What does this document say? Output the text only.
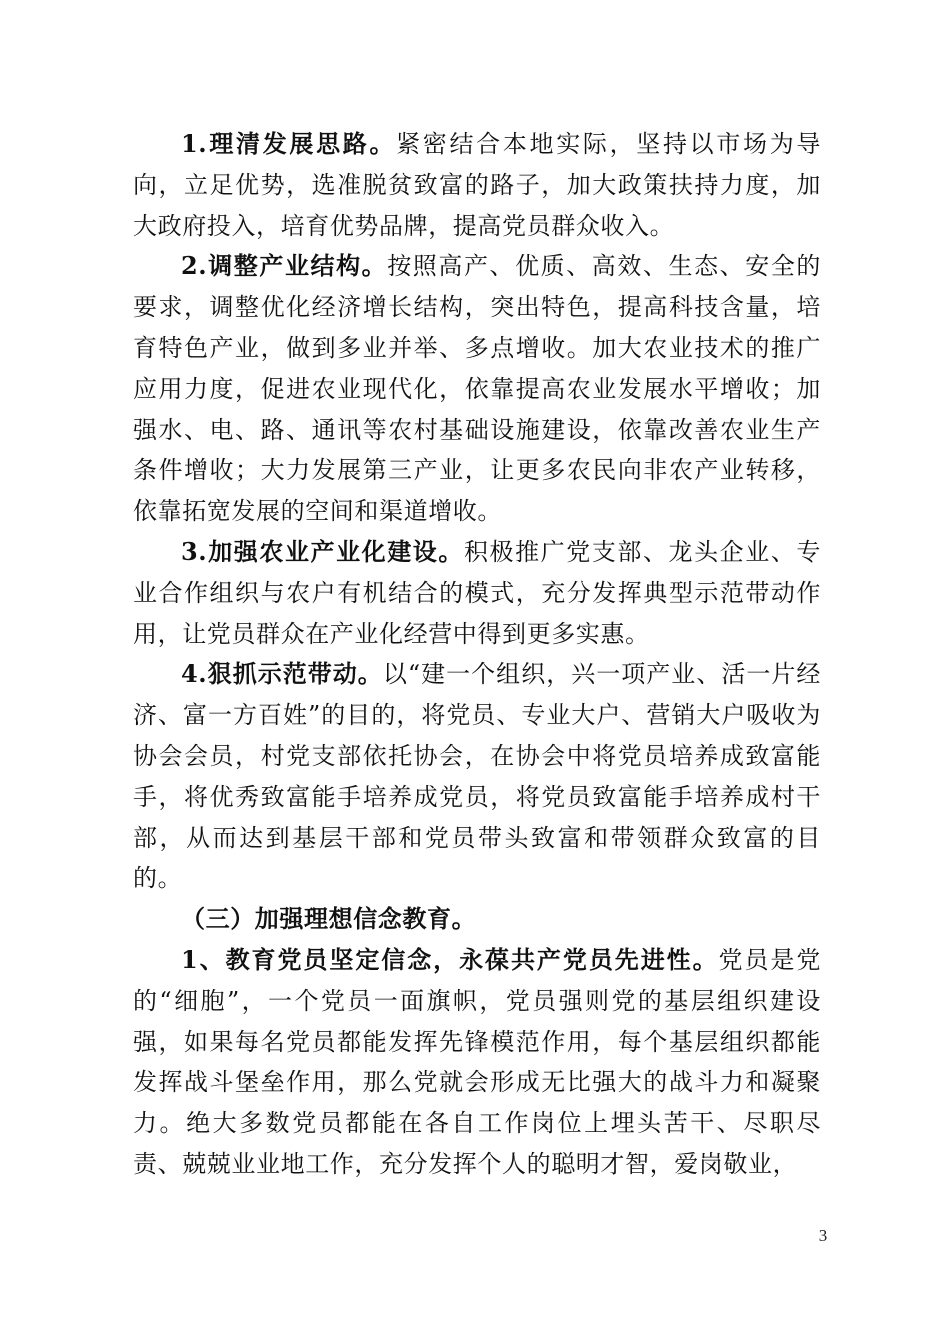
1.理清发展思路。紧密结合本地实际，坚持以市场为导向，立足优势，选准脱贫致富的路子，加大政策扶持力度，加大政府投入，培育优势品牌，提高党员群众收入。

2.调整产业结构。按照高产、优质、高效、生态、安全的要求，调整优化经济增长结构，突出特色，提高科技含量，培育特色产业，做到多业并举、多点增收。加大农业技术的推广应用力度，促进农业现代化，依靠提高农业发展水平增收；加强水、电、路、通讯等农村基础设施建设，依靠改善农业生产条件增收；大力发展第三产业，让更多农民向非农产业转移，依靠拓宽发展的空间和渠道增收。

3.加强农业产业化建设。积极推广党支部、龙头企业、专业合作组织与农户有机结合的模式，充分发挥典型示范带动作用，让党员群众在产业化经营中得到更多实惠。

4.狠抓示范带动。以“建一个组织，兴一项产业、活一片经济、富一方百姓”的目的，将党员、专业大户、营销大户吸收为协会会员，村党支部依托协会，在协会中将党员培养成致富能手，将优秀致富能手培养成党员，将党员致富能手培养成村干部，从而达到基层干部和党员带头致富和带领群众致富的目的。

（三）加强理想信念教育。

1、教育党员坚定信念，永葆共产党员先进性。党员是党的“细胞”，一个党员一面旗帜，党员强则党的基层组织建设强，如果每名党员都能发挥先锋模范作用，每个基层组织都能发挥战斗堡垒作用，那么党就会形成无比强大的战斗力和凝聚力。绝大多数党员都能在各自工作岗位上埋头苦干、尽职尽责、兢兢业业地工作，充分发挥个人的聪明才智，爱岗敬业，

3
